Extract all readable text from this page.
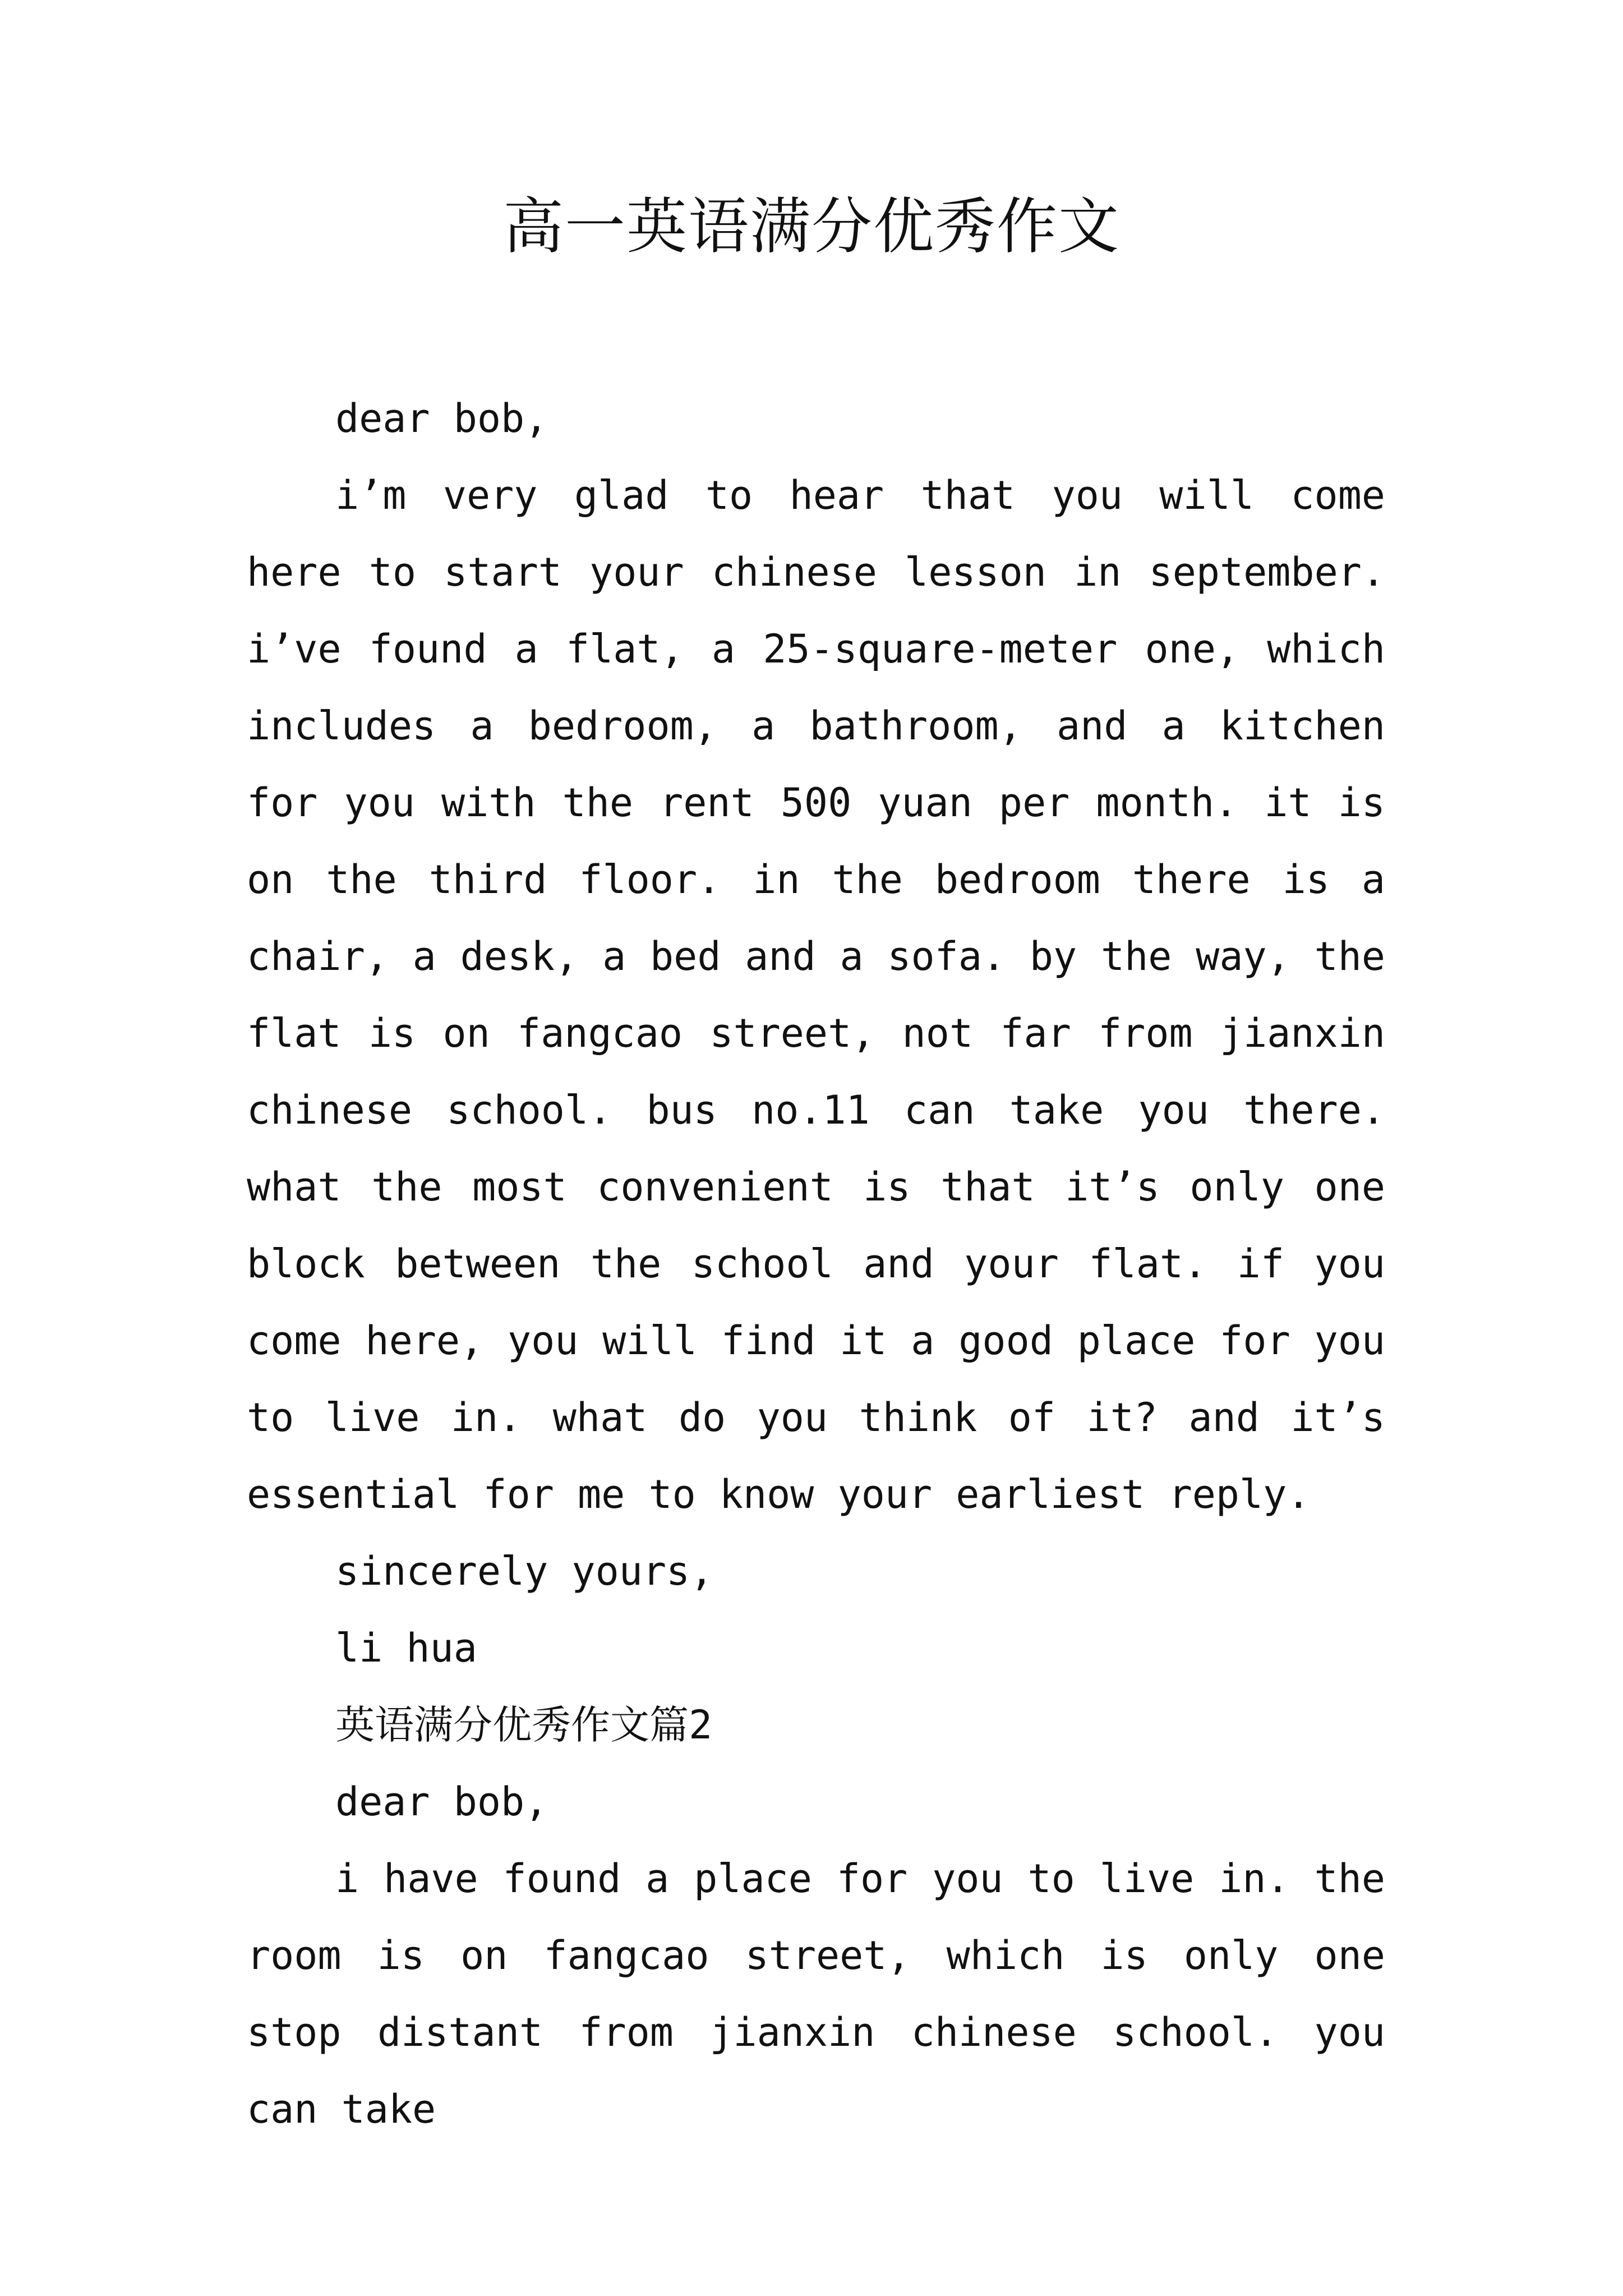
高一英语满分优秀作文

dear bob,

i’m very glad to hear that you will come here to start your chinese lesson in september. i’ve found a flat, a 25-square-meter one, which includes a bedroom, a bathroom, and a kitchen for you with the rent 500 yuan per month. it is on the third floor. in the bedroom there is a chair, a desk, a bed and a sofa. by the way, the flat is on fangcao street, not far from jianxin chinese school. bus no.11 can take you there. what the most convenient is that it’s only one block between the school and your flat. if you come here, you will find it a good place for you to live in. what do you think of it? and it’s essential for me to know your earliest reply.

sincerely yours,

li hua

英语满分优秀作文篇2

dear bob,

i have found a place for you to live in. the room is on fangcao street, which is only one stop distant from jianxin chinese school. you can take
